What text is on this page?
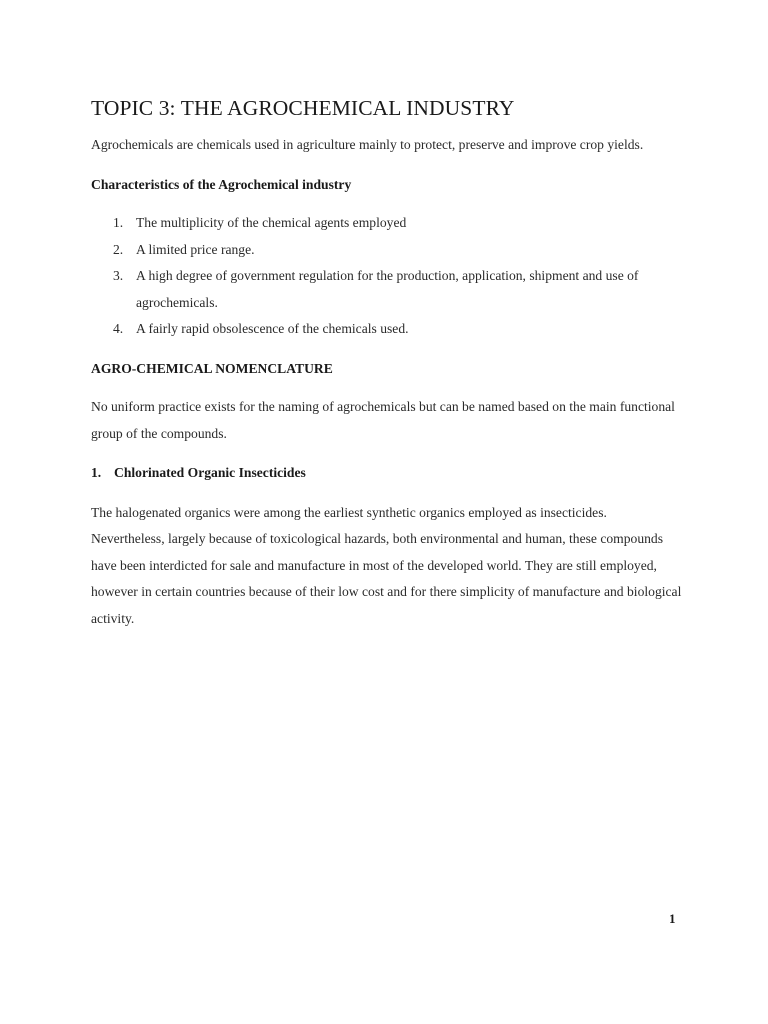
TOPIC 3: THE AGROCHEMICAL INDUSTRY

Agrochemicals are chemicals used in agriculture mainly to protect, preserve and improve crop yields.

Characteristics of the Agrochemical industry

1. The multiplicity of the chemical agents employed
2. A limited price range.
3. A high degree of government regulation for the production, application, shipment and use of agrochemicals.
4. A fairly rapid obsolescence of the chemicals used.

AGRO-CHEMICAL NOMENCLATURE

No uniform practice exists for the naming of agrochemicals but can be named based on the main functional group of the compounds.

1. Chlorinated Organic Insecticides

The halogenated organics were among the earliest synthetic organics employed as insecticides. Nevertheless, largely because of toxicological hazards, both environmental and human, these compounds have been interdicted for sale and manufacture in most of the developed world. They are still employed, however in certain countries because of their low cost and for there simplicity of manufacture and biological activity.

1
